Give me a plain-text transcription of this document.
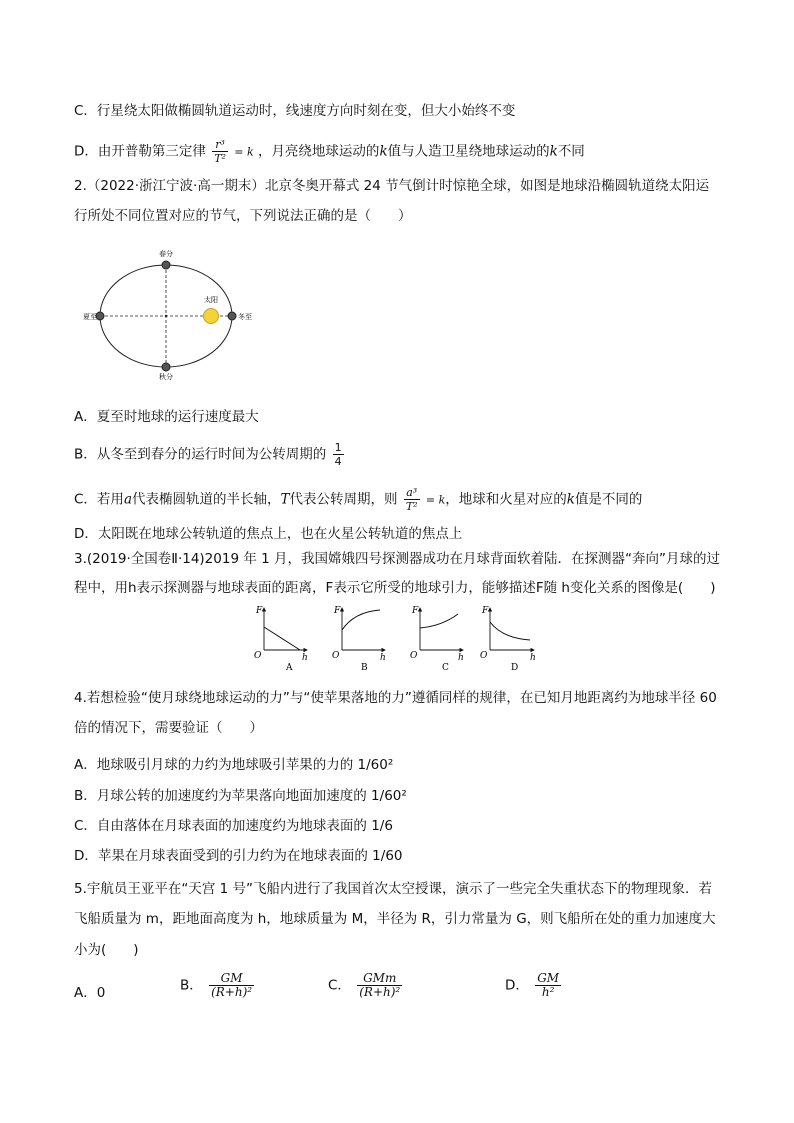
C．行星绕太阳做椭圆轨道运动时，线速度方向时刻在变，但大小始终不变
D．由开普勒第三定律 $\frac{\text{r³}}{\text{T²}} = k$ ，月亮绕地球运动的k值与人造卫星绕地球运动的k不同
2.（2022·浙江宁波·高一期末）北京冬奥开幕式 24 节气倒计时惊艳全球，如图是地球沿椭圆轨道绕太阳运
行所处不同位置对应的节气，下列说法正确的是（　　）
春分
秋分
夏至	冬至
太阳
A．夏至时地球的运行速度最大
B．从冬至到春分的运行时间为公转周期的 $\frac{1}{4}$
C．若用a代表椭圆轨道的半长轴，T代表公转周期，则 $\frac{\text{a³}}{\text{T²}} = k$，地球和火星对应的k值是不同的
D．太阳既在地球公转轨道的焦点上，也在火星公转轨道的焦点上
3.(2019·全国卷Ⅱ·14)2019 年 1 月，我国嫦娥四号探测器成功在月球背面软着陆．在探测器“奔向”月球的过
程中，用h表示探测器与地球表面的距离，F表示它所受的地球引力，能够描述F随 h变化关系的图像是(　　)
F
O	h
A
F
O	h
B
F
O	h
C
F
O	h
D
4.若想检验“使月球绕地球运动的力”与“使苹果落地的力”遵循同样的规律，在已知月地距离约为地球半径 60
倍的情况下，需要验证（　　）
A．地球吸引月球的力约为地球吸引苹果的力的 1/60²
B．月球公转的加速度约为苹果落向地面加速度的 1/60²
C．自由落体在月球表面的加速度约为地球表面的 1/6
D．苹果在月球表面受到的引力约为在地球表面的 1/60
5.宇航员王亚平在“天宫 1 号”飞船内进行了我国首次太空授课，演示了一些完全失重状态下的物理现象．若
飞船质量为 m，距地面高度为 h，地球质量为 M，半径为 R，引力常量为 G，则飞船所在处的重力加速度大
小为(　　)
A．0	B． $\frac{GM}{\text{(R+h)²}}$	C． $\frac{\text{GMm}}{\text{(R+h)²}}$	D． $\frac{GM}{\text{h²}}$
